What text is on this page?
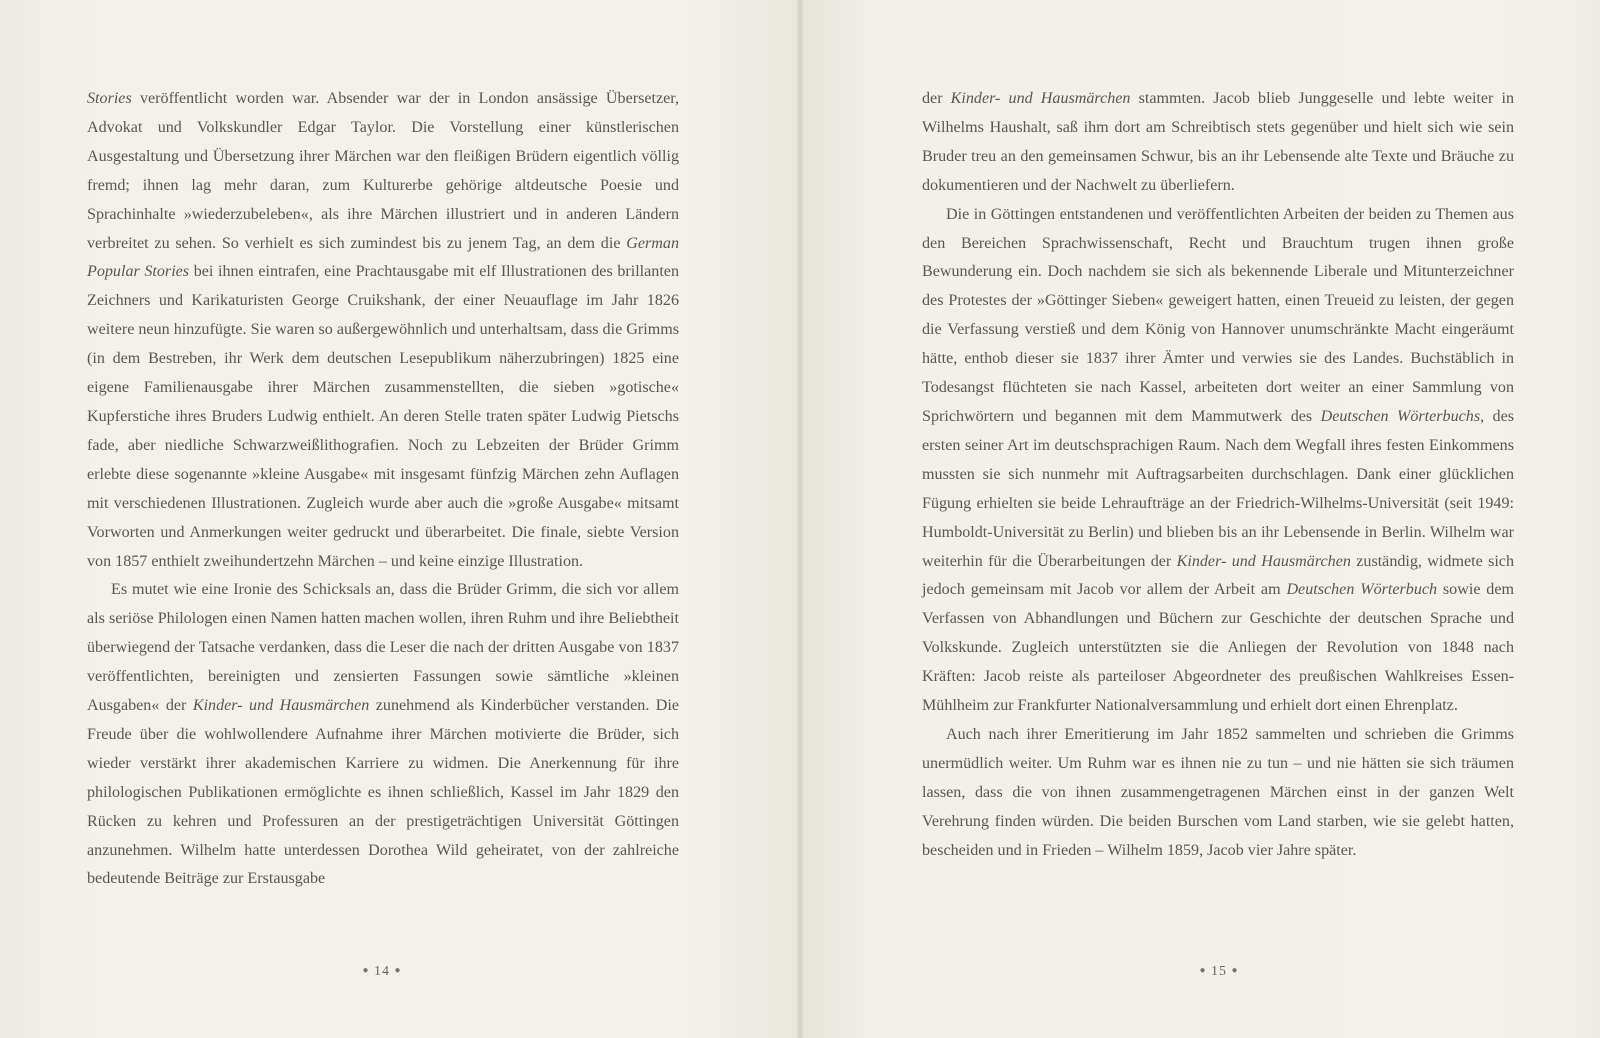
Stories veröffentlicht worden war. Absender war der in London ansässige Übersetzer, Advokat und Volkskundler Edgar Taylor. Die Vorstellung einer künstlerischen Ausgestaltung und Übersetzung ihrer Märchen war den fleißigen Brüdern eigentlich völlig fremd; ihnen lag mehr daran, zum Kulturerbe gehörige altdeutsche Poesie und Sprachinhalte »wiederzubeleben«, als ihre Märchen illustriert und in anderen Ländern verbreitet zu sehen. So verhielt es sich zumindest bis zu jenem Tag, an dem die German Popular Stories bei ihnen eintrafen, eine Prachtausgabe mit elf Illustrationen des brillanten Zeichners und Karikaturisten George Cruikshank, der einer Neuauflage im Jahr 1826 weitere neun hinzufügte. Sie waren so außergewöhnlich und unterhaltsam, dass die Grimms (in dem Bestreben, ihr Werk dem deutschen Lesepublikum näherzubringen) 1825 eine eigene Familienausgabe ihrer Märchen zusammenstellten, die sieben »gotische« Kupferstiche ihres Bruders Ludwig enthielt. An deren Stelle traten später Ludwig Pietschs fade, aber niedliche Schwarzweißlithografien. Noch zu Lebzeiten der Brüder Grimm erlebte diese sogenannte »kleine Ausgabe« mit insgesamt fünfzig Märchen zehn Auflagen mit verschiedenen Illustrationen. Zugleich wurde aber auch die »große Ausgabe« mitsamt Vorworten und Anmerkungen weiter gedruckt und überarbeitet. Die finale, siebte Version von 1857 enthielt zweihundertzehn Märchen – und keine einzige Illustration.

Es mutet wie eine Ironie des Schicksals an, dass die Brüder Grimm, die sich vor allem als seriöse Philologen einen Namen hatten machen wollen, ihren Ruhm und ihre Beliebtheit überwiegend der Tatsache verdanken, dass die Leser die nach der dritten Ausgabe von 1837 veröffentlichten, bereinigten und zensierten Fassungen sowie sämtliche »kleinen Ausgaben« der Kinder- und Hausmärchen zunehmend als Kinderbücher verstanden. Die Freude über die wohlwollendere Aufnahme ihrer Märchen motivierte die Brüder, sich wieder verstärkt ihrer akademischen Karriere zu widmen. Die Anerkennung für ihre philologischen Publikationen ermöglichte es ihnen schließlich, Kassel im Jahr 1829 den Rücken zu kehren und Professuren an der prestigeträchtigen Universität Göttingen anzunehmen. Wilhelm hatte unterdessen Dorothea Wild geheiratet, von der zahlreiche bedeutende Beiträge zur Erstausgabe

● 14 ●

der Kinder- und Hausmärchen stammten. Jacob blieb Junggeselle und lebte weiter in Wilhelms Haushalt, saß ihm dort am Schreibtisch stets gegenüber und hielt sich wie sein Bruder treu an den gemeinsamen Schwur, bis an ihr Lebensende alte Texte und Bräuche zu dokumentieren und der Nachwelt zu überliefern.

Die in Göttingen entstandenen und veröffentlichten Arbeiten der beiden zu Themen aus den Bereichen Sprachwissenschaft, Recht und Brauchtum trugen ihnen große Bewunderung ein. Doch nachdem sie sich als bekennende Liberale und Mitunterzeichner des Protestes der »Göttinger Sieben« geweigert hatten, einen Treueid zu leisten, der gegen die Verfassung verstieß und dem König von Hannover unumschränkte Macht eingeräumt hätte, enthob dieser sie 1837 ihrer Ämter und verwies sie des Landes. Buchstäblich in Todesangst flüchteten sie nach Kassel, arbeiteten dort weiter an einer Sammlung von Sprichwörtern und begannen mit dem Mammutwerk des Deutschen Wörterbuchs, des ersten seiner Art im deutschsprachigen Raum. Nach dem Wegfall ihres festen Einkommens mussten sie sich nunmehr mit Auftragsarbeiten durchschlagen. Dank einer glücklichen Fügung erhielten sie beide Lehraufträge an der Friedrich-Wilhelms-Universität (seit 1949: Humboldt-Universität zu Berlin) und blieben bis an ihr Lebensende in Berlin. Wilhelm war weiterhin für die Überarbeitungen der Kinder- und Hausmärchen zuständig, widmete sich jedoch gemeinsam mit Jacob vor allem der Arbeit am Deutschen Wörterbuch sowie dem Verfassen von Abhandlungen und Büchern zur Geschichte der deutschen Sprache und Volkskunde. Zugleich unterstützten sie die Anliegen der Revolution von 1848 nach Kräften: Jacob reiste als parteiloser Abgeordneter des preußischen Wahlkreises Essen-Mühlheim zur Frankfurter Nationalversammlung und erhielt dort einen Ehrenplatz.

Auch nach ihrer Emeritierung im Jahr 1852 sammelten und schrieben die Grimms unermüdlich weiter. Um Ruhm war es ihnen nie zu tun – und nie hätten sie sich träumen lassen, dass die von ihnen zusammengetragenen Märchen einst in der ganzen Welt Verehrung finden würden. Die beiden Burschen vom Land starben, wie sie gelebt hatten, bescheiden und in Frieden – Wilhelm 1859, Jacob vier Jahre später.

● 15 ●
